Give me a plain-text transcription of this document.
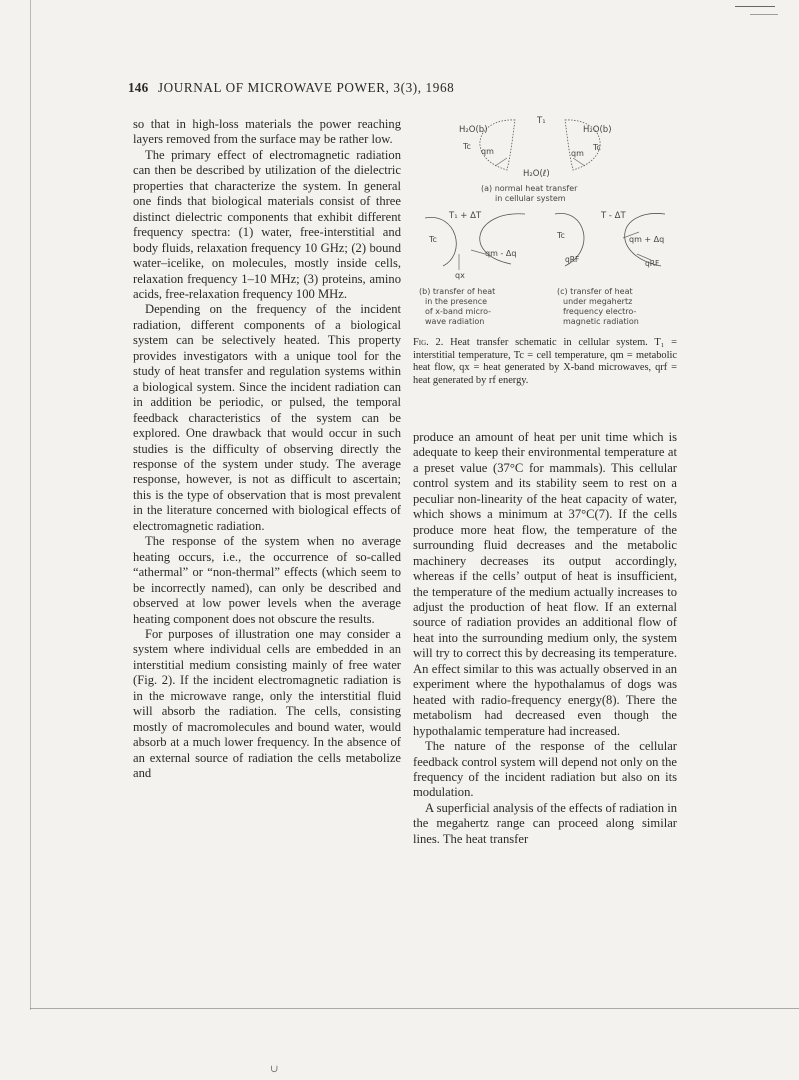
146 JOURNAL OF MICROWAVE POWER, 3(3), 1968

so that in high-loss materials the power reaching layers removed from the surface may be rather low.

The primary effect of electromagnetic radiation can then be described by utilization of the dielectric properties that characterize the system. In general one finds that biological materials consist of three distinct dielectric components that exhibit different frequency spectra: (1) water, free-interstitial and body fluids, relaxation frequency 10 GHz; (2) bound water–icelike, on molecules, mostly inside cells, relaxation frequency 1–10 MHz; (3) proteins, amino acids, free-relaxation frequency 100 MHz.

Depending on the frequency of the incident radiation, different components of a biological system can be selectively heated. This property provides investigators with a unique tool for the study of heat transfer and regulation systems within a biological system. Since the incident radiation can in addition be periodic, or pulsed, the temporal feedback characteristics of the system can be explored. One drawback that would occur in such studies is the difficulty of observing directly the response of the system under study. The average response, however, is not as difficult to ascertain; this is the type of observation that is most prevalent in the literature concerned with biological effects of electromagnetic radiation.

The response of the system when no average heating occurs, i.e., the occurrence of so-called “athermal” or “non-thermal” effects (which seem to be incorrectly named), can only be described and observed at low power levels when the average heating component does not obscure the results.

For purposes of illustration one may consider a system where individual cells are embedded in an interstitial medium consisting mainly of free water (Fig. 2). If the incident electromagnetic radiation is in the microwave range, only the interstitial fluid will absorb the radiation. The cells, consisting mostly of macromolecules and bound water, would absorb at a much lower frequency. In the absence of an external source of radiation the cells metabolize and

H₂O(b)
T₁
H₂O(b)
Tc
qm	qm
Tc
H₂O(ℓ)
(a) normal heat transfer
in cellular system
T₁ + ΔT
Tc
qm - Δq
qx
(b) transfer of heat
in the presence
of x-band micro-
wave radiation
T - ΔT
Tc	qm + Δq
qRF	qRF
(c) transfer of heat
under megahertz
frequency electro-
magnetic radiation
Fig. 2. Heat transfer schematic in cellular system. T₁ = interstitial temperature, Tc = cell temperature, qm = metabolic heat flow, qx = heat generated by X-band microwaves, qrf = heat generated by rf energy.

produce an amount of heat per unit time which is adequate to keep their environmental temperature at a preset value (37°C for mammals). This cellular control system and its stability seem to rest on a peculiar non-linearity of the heat capacity of water, which shows a minimum at 37°C(7). If the cells produce more heat flow, the temperature of the surrounding fluid decreases and the metabolic machinery decreases its output accordingly, whereas if the cells’ output of heat is insufficient, the temperature of the medium actually increases to adjust the production of heat flow. If an external source of radiation provides an additional flow of heat into the surrounding medium only, the system will try to correct this by decreasing its temperature. An effect similar to this was actually observed in an experiment where the hypothalamus of dogs was heated with radio-frequency energy(8). There the metabolism had decreased even though the hypothalamic temperature had increased.

The nature of the response of the cellular feedback control system will depend not only on the frequency of the incident radiation but also on its modulation.

A superficial analysis of the effects of radiation in the megahertz range can proceed along similar lines. The heat transfer

∪
